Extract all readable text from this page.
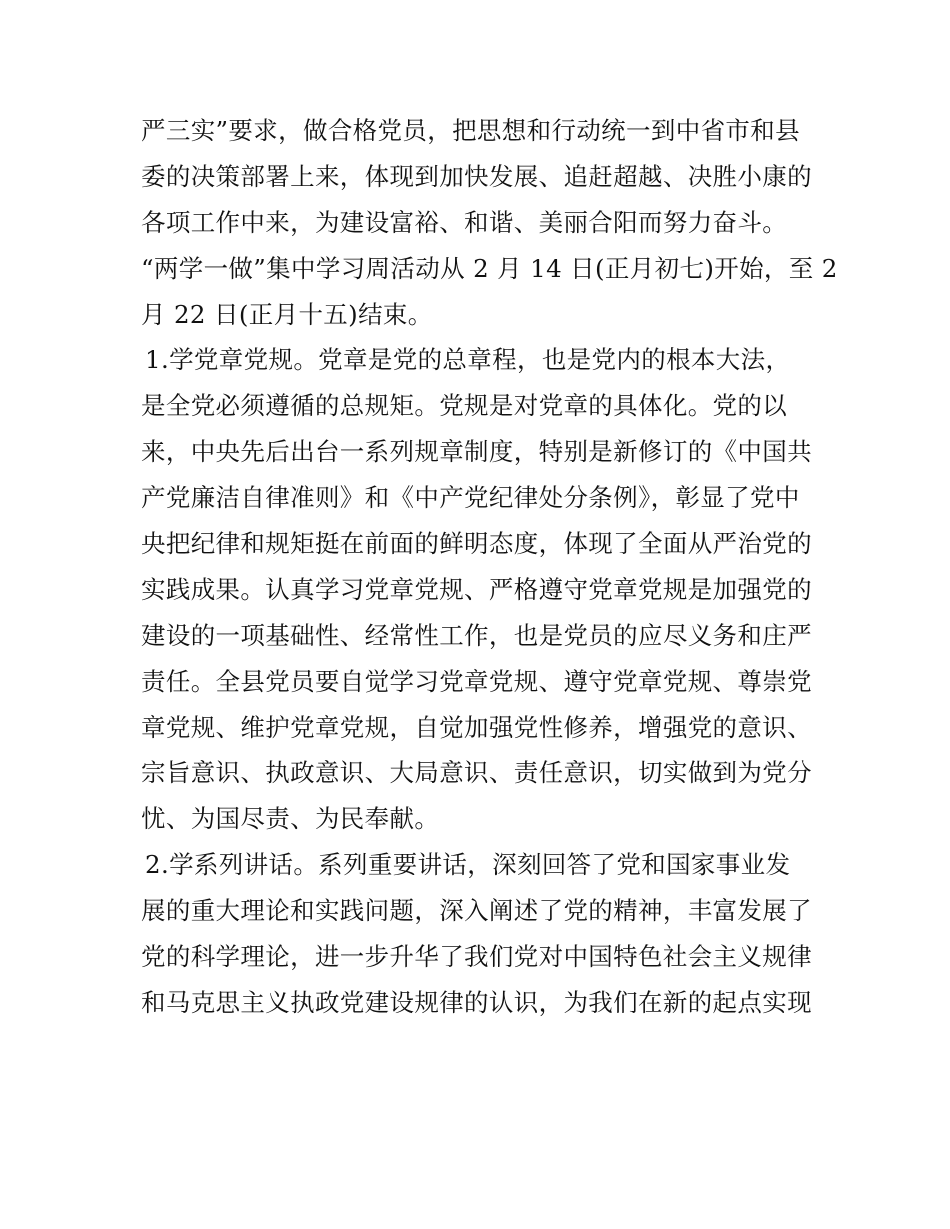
严三实”要求，做合格党员，把思想和行动统一到中省市和县
委的决策部署上来，体现到加快发展、追赶超越、决胜小康的
各项工作中来，为建设富裕、和谐、美丽合阳而努力奋斗。
“两学一做”集中学习周活动从 2 月 14 日(正月初七)开始，至 2
月 22 日(正月十五)结束。
1.学党章党规。党章是党的总章程，也是党内的根本大法，
是全党必须遵循的总规矩。党规是对党章的具体化。党的以
来，中央先后出台一系列规章制度，特别是新修订的《中国共
产党廉洁自律准则》和《中产党纪律处分条例》，彰显了党中
央把纪律和规矩挺在前面的鲜明态度，体现了全面从严治党的
实践成果。认真学习党章党规、严格遵守党章党规是加强党的
建设的一项基础性、经常性工作，也是党员的应尽义务和庄严
责任。全县党员要自觉学习党章党规、遵守党章党规、尊崇党
章党规、维护党章党规，自觉加强党性修养，增强党的意识、
宗旨意识、执政意识、大局意识、责任意识，切实做到为党分
忧、为国尽责、为民奉献。
2.学系列讲话。系列重要讲话，深刻回答了党和国家事业发
展的重大理论和实践问题，深入阐述了党的精神，丰富发展了
党的科学理论，进一步升华了我们党对中国特色社会主义规律
和马克思主义执政党建设规律的认识，为我们在新的起点实现
